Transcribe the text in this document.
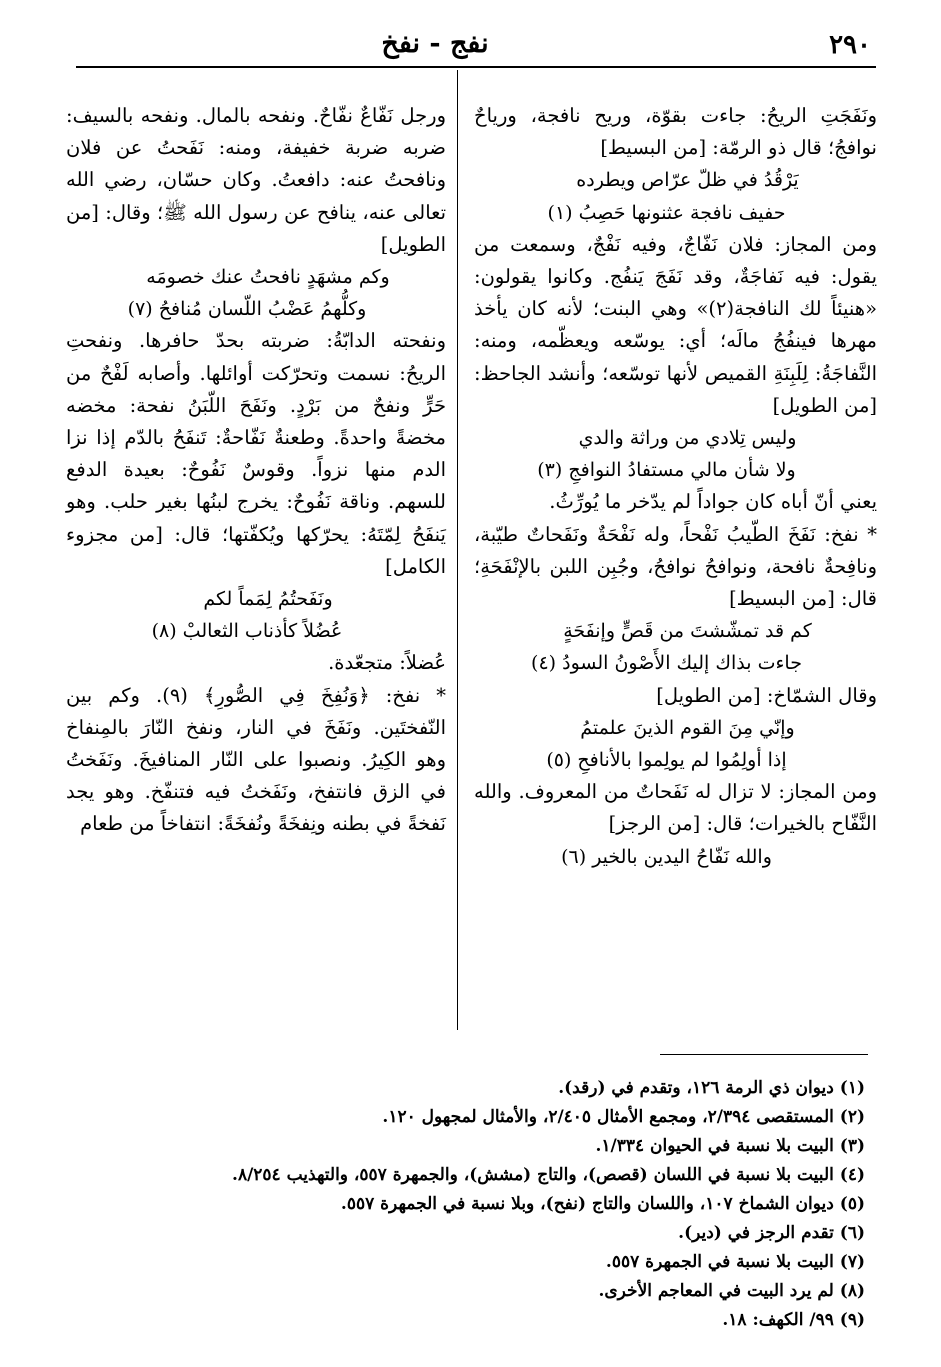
٢٩٠
نفج - نفخ

ونَفَجَتِ الريحُ: جاءت بقوّة، وريح نافجة، ورياحٌ نوافجُ؛ قال ذو الرمّة: [من البسيط]

يَرْقُدُ في ظلّ عرّاص ويطرده

حفيف نافجة عثنونها حَصِبُ (١)

ومن المجاز: فلان نَفّاجٌ، وفيه نَفْجٌ، وسمعت من يقول: فيه نَفاجَةٌ، وقد نَفَجَ يَنفُج. وكانوا يقولون: «هنيئاً لك النافجة(٢)» وهي البنت؛ لأنه كان يأخذ مهرها فينفُجُ مالَه؛ أي: يوسّعه ويعظّمه، ومنه: النَّفاجَةُ: لِلَبِنَةِ القميص لأنها توسّعه؛ وأنشد الجاحظ: [من الطويل]

وليس تِلادي من وراثة والدي

ولا شأن مالي مستفادُ النوافجِ (٣)

يعني أنّ أباه كان جواداً لم يدّخر ما يُورِّثُ.

* نفخ: نَفَخَ الطّيبُ نَفْحاً، وله نَفْحَةٌ ونَفَحاتٌ طيّبة، ونافِحةٌ نافحة، ونوافحُ نوافحُ، وجُبِن اللبن بالإنْفَحَةِ؛ قال: [من البسيط]

كم قد تمشّشتَ من قَصٍّ وإنفَحَةٍ

جاءت بذاك إليك الأَصْونُ السودُ (٤)

وقال الشمّاخ: [من الطويل]

وإنّي مِنَ القوم الذينَ علمتمُ

إذا أولِمُوا لم يولِموا بالأنافحِ (٥)

ومن المجاز: لا تزال له نَفَحاتٌ من المعروف. والله النَّفّاح بالخيرات؛ قال: [من الرجز]

والله نَفّاحُ اليدين بالخير (٦)

ورجل نَفّاعٌ نفّاحٌ. ونفحه بالمال. ونفحه بالسيف: ضربه ضربة خفيفة، ومنه: نَفَحتُ عن فلان ونافحتُ عنه: دافعتُ. وكان حسّان، رضي الله تعالى عنه، ينافح عن رسول الله ﷺ؛ وقال: [من الطويل]

وكم مشهَدٍ نافحتُ عنك خصومَه

وكلُّهمُ عَضْبُ اللّسان مُنافحُ (٧)

ونفحته الدابّةُ: ضربته بحدّ حافرها. ونفحتِ الريحُ: نسمت وتحرّكت أوائلها. وأصابه لَفْحٌ من حَرٍّ ونفحٌ من بَرْدٍ. ونَفَحَ اللّبَنُ نفحة: مخضه مخضةً واحدةً. وطعنةٌ نَفّاحةٌ: تَنفَحُ بالدّم إذا نزا الدم منها نزواً. وقوسٌ نَفُوحٌ: بعيدة الدفع للسهم. وناقة نَفُوحٌ: يخرج لبنُها بغير حلب. وهو يَنفَحُ لِمّتَهُ: يحرّكها ويُكفّتها؛ قال: [من مجزوء الكامل]

ونَفَحتُمُ لِمَماً لكم

عُضُلاً كأذناب الثعالبْ (٨)

عُضلاً: متجعّدة.

* نفخ: ﴿وَنُفِخَ فِي الصُّورِ﴾ (٩). وكم بين النّفختَين. ونَفَخَ في النار، ونفخ النّارَ بالمِنفاخ وهو الكِيرُ. ونصبوا على النّار المنافيخَ. ونَفَختُ في الزق فانتفخ، ونَفَختُ فيه فتنفّخ. وهو يجد نَفخةً في بطنه ونِفخَةً ونُفخَةً: انتفاخاً من طعام

(١) ديوان ذي الرمة ١٢٦، وتقدم في (رقد).
(٢) المستقصى ٢/٣٩٤، ومجمع الأمثال ٢/٤٠٥، والأمثال لمجهول ١٢٠.
(٣) البيت بلا نسبة في الحيوان ١/٣٣٤.
(٤) البيت بلا نسبة في اللسان (قصص)، والتاج (مشش)، والجمهرة ٥٥٧، والتهذيب ٨/٢٥٤.
(٥) ديوان الشماخ ١٠٧، واللسان والتاج (نفح)، وبلا نسبة في الجمهرة ٥٥٧.
(٦) تقدم الرجز في (دير).
(٧) البيت بلا نسبة في الجمهرة ٥٥٧.
(٨) لم يرد البيت في المعاجم الأخرى.
(٩) ٩٩/ الكهف: ١٨.
